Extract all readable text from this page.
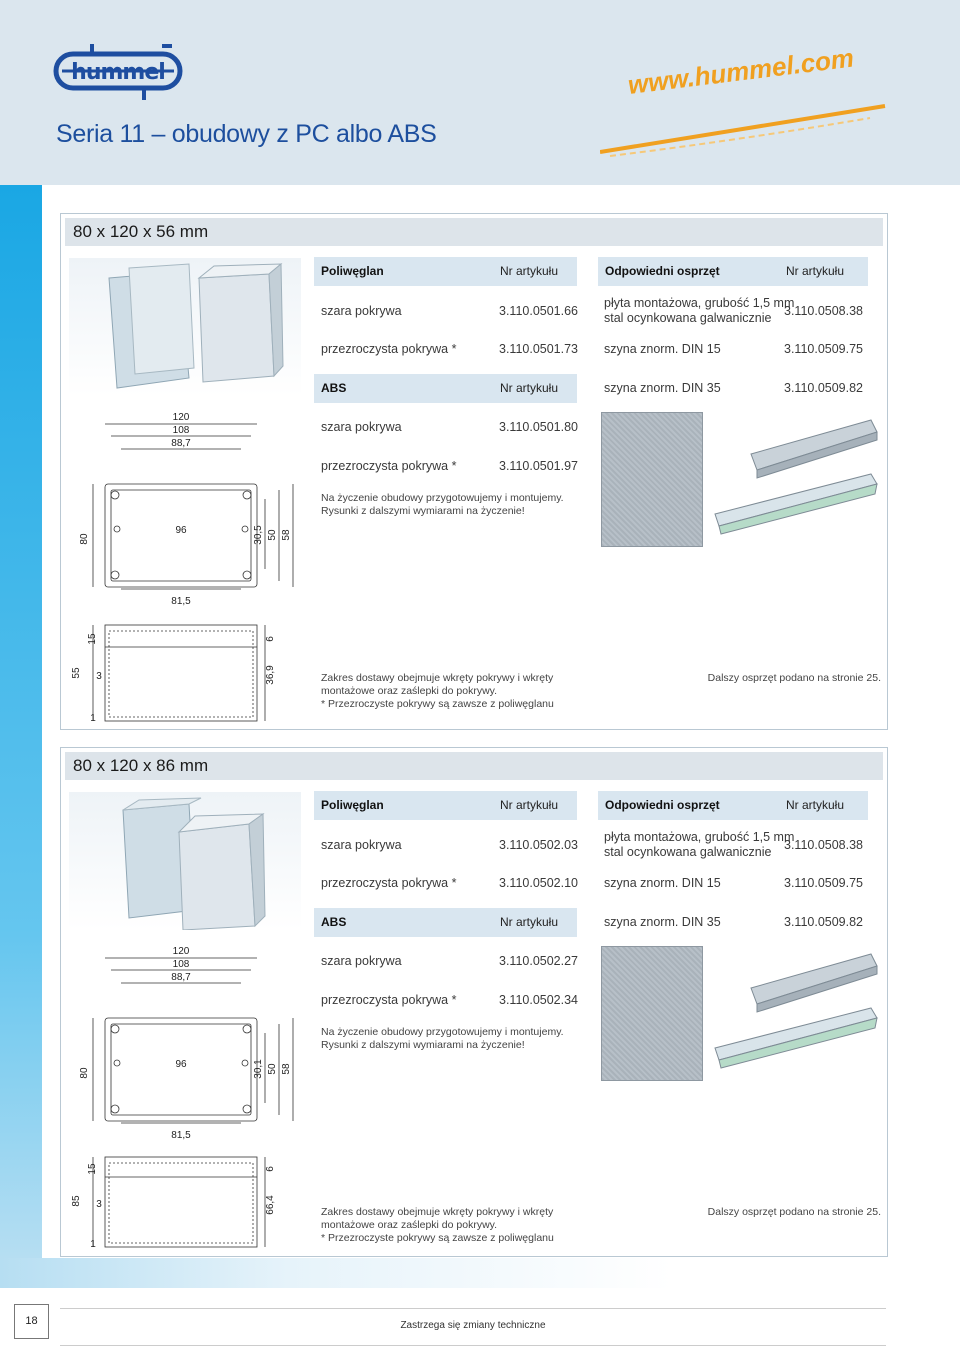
hummel
Seria 11 – obudowy z PC albo ABS
www.hummel.com
80 x 120 x 56 mm
120
108
88,7
96
81,5
80	30,5 50 58
55
15
3
6
36,9
1
Poliwęglan	Nr artykułu
szara pokrywa	3.110.0501.66
przezroczysta pokrywa *	3.110.0501.73
ABS	Nr artykułu
szara pokrywa	3.110.0501.80
przezroczysta pokrywa *	3.110.0501.97
Na życzenie obudowy przygotowujemy i montujemy.
Rysunki z dalszymi wymiarami na życzenie!
Odpowiedni osprzęt	Nr artykułu
płyta montażowa, grubość 1,5 mm
stal ocynkowana galwanicznie	3.110.0508.38
szyna znorm. DIN 15	3.110.0509.75
szyna znorm. DIN 35	3.110.0509.82
Zakres dostawy obejmuje wkręty pokrywy i wkręty
montażowe oraz zaślepki do pokrywy.
* Przezroczyste pokrywy są zawsze z poliwęglanu
Dalszy osprzęt podano na stronie 25.
80 x 120 x 86 mm
120
108
88,7
96
81,5
80	30,1 50 58
85
15
3
6
66,4
1
Poliwęglan	Nr artykułu
szara pokrywa	3.110.0502.03
przezroczysta pokrywa *	3.110.0502.10
ABS	Nr artykułu
szara pokrywa	3.110.0502.27
przezroczysta pokrywa *	3.110.0502.34
Na życzenie obudowy przygotowujemy i montujemy.
Rysunki z dalszymi wymiarami na życzenie!
Odpowiedni osprzęt	Nr artykułu
płyta montażowa, grubość 1,5 mm
stal ocynkowana galwanicznie	3.110.0508.38
szyna znorm. DIN 15	3.110.0509.75
szyna znorm. DIN 35	3.110.0509.82
Zakres dostawy obejmuje wkręty pokrywy i wkręty
montażowe oraz zaślepki do pokrywy.
* Przezroczyste pokrywy są zawsze z poliwęglanu
Dalszy osprzęt podano na stronie 25.
18	Zastrzega się zmiany techniczne
